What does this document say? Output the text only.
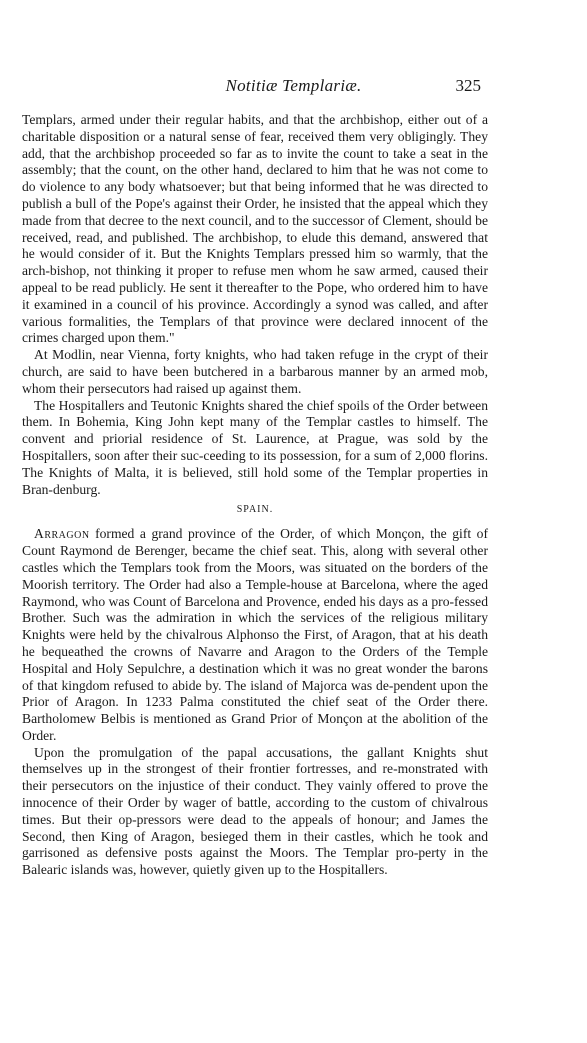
Notitiæ Templariæ.	325

Templars, armed under their regular habits, and that the archbishop, either out of a charitable disposition or a natural sense of fear, received them very obligingly. They add, that the archbishop proceeded so far as to invite the count to take a seat in the assembly; that the count, on the other hand, declared to him that he was not come to do violence to any body whatsoever; but that being informed that he was directed to publish a bull of the Pope's against their Order, he insisted that the appeal which they made from that decree to the next council, and to the successor of Clement, should be received, read, and published. The archbishop, to elude this demand, answered that he would consider of it. But the Knights Templars pressed him so warmly, that the arch-bishop, not thinking it proper to refuse men whom he saw armed, caused their appeal to be read publicly. He sent it thereafter to the Pope, who ordered him to have it examined in a council of his province. Accordingly a synod was called, and after various formalities, the Templars of that province were declared innocent of the crimes charged upon them."

At Modlin, near Vienna, forty knights, who had taken refuge in the crypt of their church, are said to have been butchered in a barbarous manner by an armed mob, whom their persecutors had raised up against them.

The Hospitallers and Teutonic Knights shared the chief spoils of the Order between them. In Bohemia, King John kept many of the Templar castles to himself. The convent and priorial residence of St. Laurence, at Prague, was sold by the Hospitallers, soon after their suc-ceeding to its possession, for a sum of 2,000 florins. The Knights of Malta, it is believed, still hold some of the Templar properties in Bran-denburg.

SPAIN.

Arragon formed a grand province of the Order, of which Monçon, the gift of Count Raymond de Berenger, became the chief seat. This, along with several other castles which the Templars took from the Moors, was situated on the borders of the Moorish territory. The Order had also a Temple-house at Barcelona, where the aged Raymond, who was Count of Barcelona and Provence, ended his days as a pro-fessed Brother. Such was the admiration in which the services of the religious military Knights were held by the chivalrous Alphonso the First, of Aragon, that at his death he bequeathed the crowns of Navarre and Aragon to the Orders of the Temple Hospital and Holy Sepulchre, a destination which it was no great wonder the barons of that kingdom refused to abide by. The island of Majorca was de-pendent upon the Prior of Aragon. In 1233 Palma constituted the chief seat of the Order there. Bartholomew Belbis is mentioned as Grand Prior of Monçon at the abolition of the Order.

Upon the promulgation of the papal accusations, the gallant Knights shut themselves up in the strongest of their frontier fortresses, and re-monstrated with their persecutors on the injustice of their conduct. They vainly offered to prove the innocence of their Order by wager of battle, according to the custom of chivalrous times. But their op-pressors were dead to the appeals of honour; and James the Second, then King of Aragon, besieged them in their castles, which he took and garrisoned as defensive posts against the Moors. The Templar pro-perty in the Balearic islands was, however, quietly given up to the Hospitallers.
